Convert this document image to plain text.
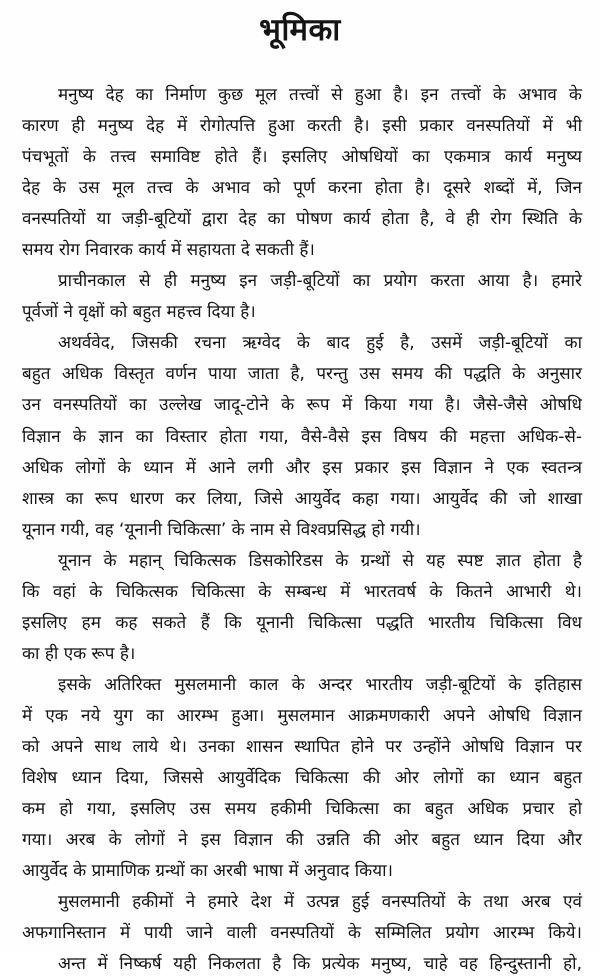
भूमिका
मनुष्य देह का निर्माण कुछ मूल तत्त्वों से हुआ है। इन तत्त्वों के अभाव के
कारण ही मनुष्य देह में रोगोत्पत्ति हुआ करती है। इसी प्रकार वनस्पतियों में भी
पंचभूतों के तत्त्व समाविष्ट होते हैं। इसलिए ओषधियों का एकमात्र कार्य मनुष्य
देह के उस मूल तत्त्व के अभाव को पूर्ण करना होता है। दूसरे शब्दों में, जिन
वनस्पतियों या जड़ी-बूटियों द्वारा देह का पोषण कार्य होता है, वे ही रोग स्थिति के
समय रोग निवारक कार्य में सहायता दे सकती हैं।
प्राचीनकाल से ही मनुष्य इन जड़ी-बूटियों का प्रयोग करता आया है। हमारे
पूर्वजों ने वृक्षों को बहुत महत्त्व दिया है।
अथर्ववेद, जिसकी रचना ऋग्वेद के बाद हुई है, उसमें जड़ी-बूटियों का
बहुत अधिक विस्तृत वर्णन पाया जाता है, परन्तु उस समय की पद्धति के अनुसार
उन वनस्पतियों का उल्लेख जादू-टोने के रूप में किया गया है। जैसे-जैसे ओषधि
विज्ञान के ज्ञान का विस्तार होता गया, वैसे-वैसे इस विषय की महत्ता अधिक-से-
अधिक लोगों के ध्यान में आने लगी और इस प्रकार इस विज्ञान ने एक स्वतन्त्र
शास्त्र का रूप धारण कर लिया, जिसे आयुर्वेद कहा गया। आयुर्वेद की जो शाखा
यूनान गयी, वह ‘यूनानी चिकित्सा’ के नाम से विश्वप्रसिद्ध हो गयी।
यूनान के महान् चिकित्सक डिसकोरिडस के ग्रन्थों से यह स्पष्ट ज्ञात होता है
कि वहां के चिकित्सक चिकित्सा के सम्बन्ध में भारतवर्ष के कितने आभारी थे।
इसलिए हम कह सकते हैं कि यूनानी चिकित्सा पद्धति भारतीय चिकित्सा विध
का ही एक रूप है।
इसके अतिरिक्त मुसलमानी काल के अन्दर भारतीय जड़ी-बूटियों के इतिहास
में एक नये युग का आरम्भ हुआ। मुसलमान आक्रमणकारी अपने ओषधि विज्ञान
को अपने साथ लाये थे। उनका शासन स्थापित होने पर उन्होंने ओषधि विज्ञान पर
विशेष ध्यान दिया, जिससे आयुर्वेदिक चिकित्सा की ओर लोगों का ध्यान बहुत
कम हो गया, इसलिए उस समय हकीमी चिकित्सा का बहुत अधिक प्रचार हो
गया। अरब के लोगों ने इस विज्ञान की उन्नति की ओर बहुत ध्यान दिया और
आयुर्वेद के प्रामाणिक ग्रन्थों का अरबी भाषा में अनुवाद किया।
मुसलमानी हकीमों ने हमारे देश में उत्पन्न हुई वनस्पतियों के तथा अरब एवं
अफगानिस्तान में पायी जाने वाली वनस्पतियों के सम्मिलित प्रयोग आरम्भ किये।
अन्त में निष्कर्ष यही निकलता है कि प्रत्येक मनुष्य, चाहे वह हिन्दुस्तानी हो,
